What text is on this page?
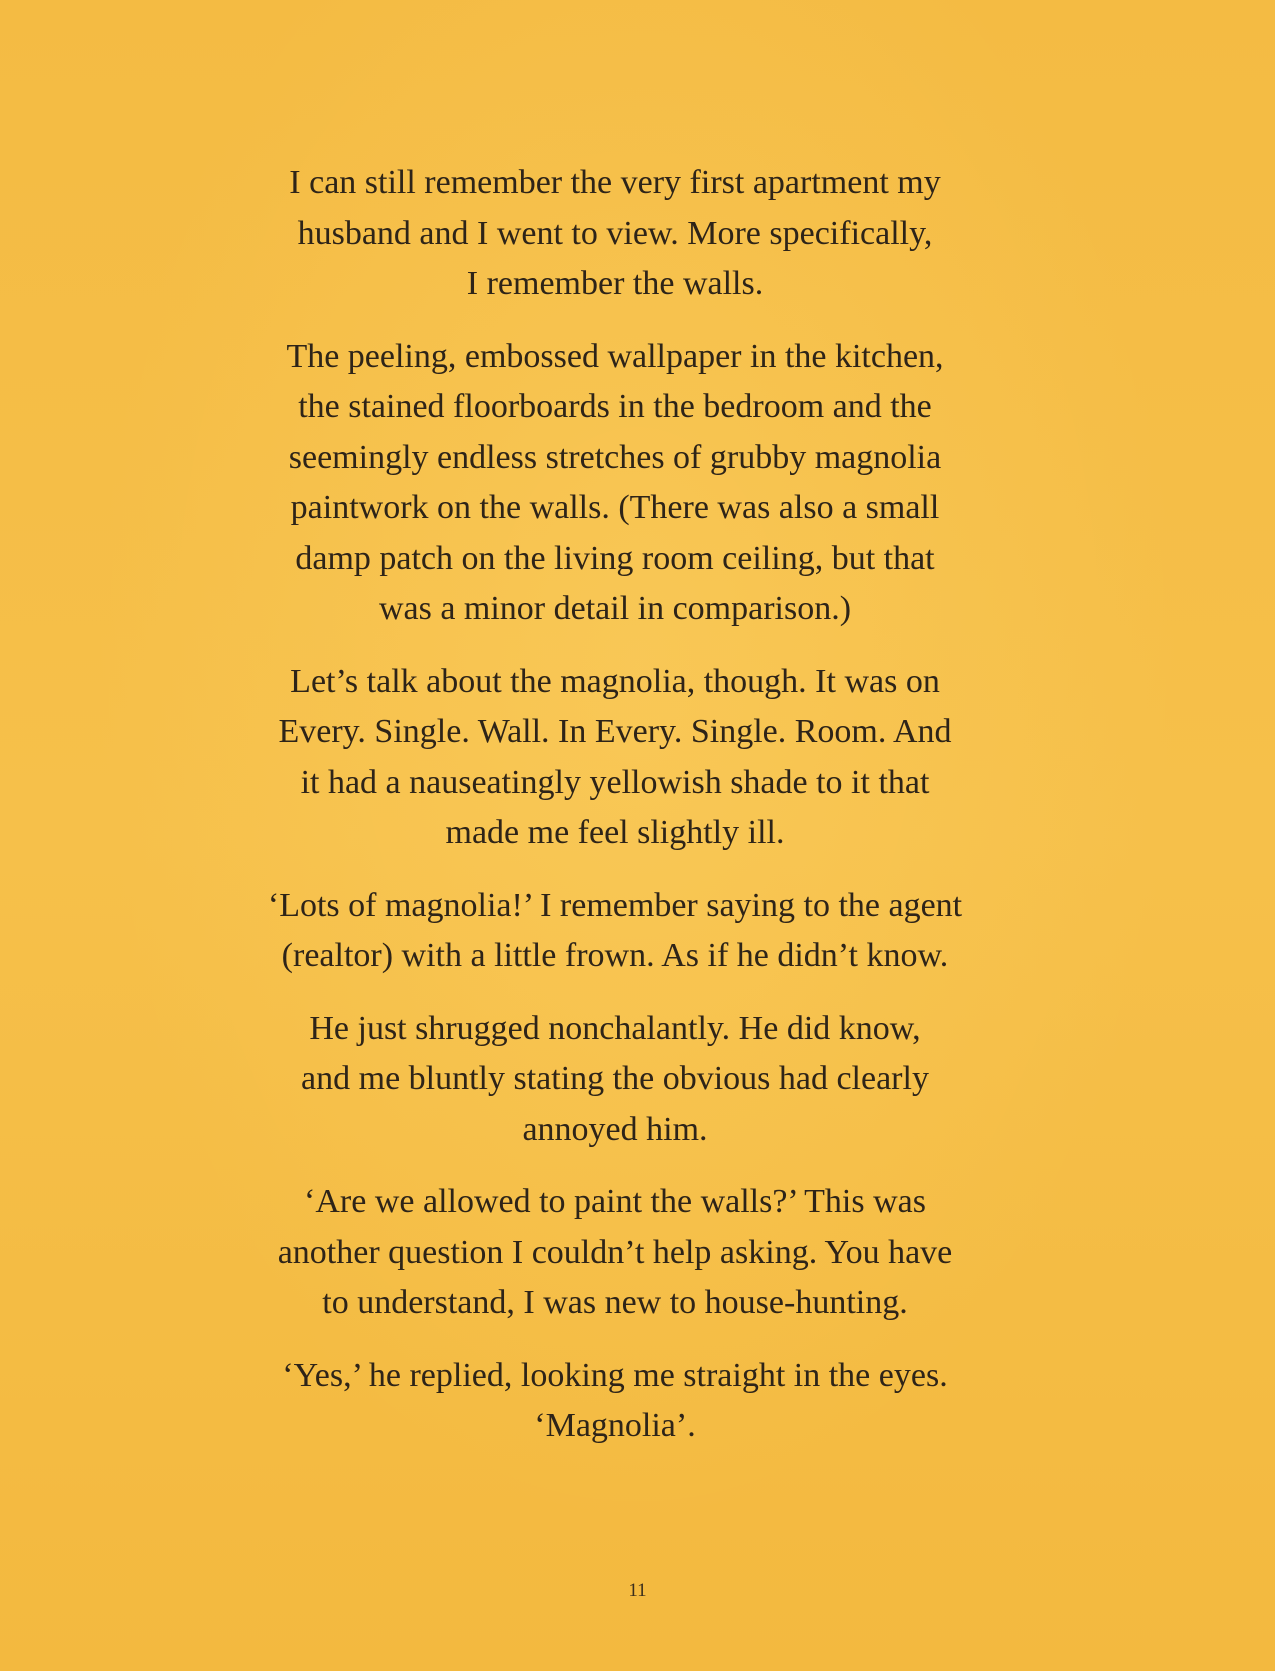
I can still remember the very first apartment my
husband and I went to view. More specifically,
I remember the walls.

The peeling, embossed wallpaper in the kitchen,
the stained floorboards in the bedroom and the
seemingly endless stretches of grubby magnolia
paintwork on the walls. (There was also a small
damp patch on the living room ceiling, but that
was a minor detail in comparison.)

Let’s talk about the magnolia, though. It was on
Every. Single. Wall. In Every. Single. Room. And
it had a nauseatingly yellowish shade to it that
made me feel slightly ill.

‘Lots of magnolia!’ I remember saying to the agent
(realtor) with a little frown. As if he didn’t know.

He just shrugged nonchalantly. He did know,
and me bluntly stating the obvious had clearly
annoyed him.

‘Are we allowed to paint the walls?’ This was
another question I couldn’t help asking. You have
to understand, I was new to house-hunting.

‘Yes,’ he replied, looking me straight in the eyes.
‘Magnolia’.

11
